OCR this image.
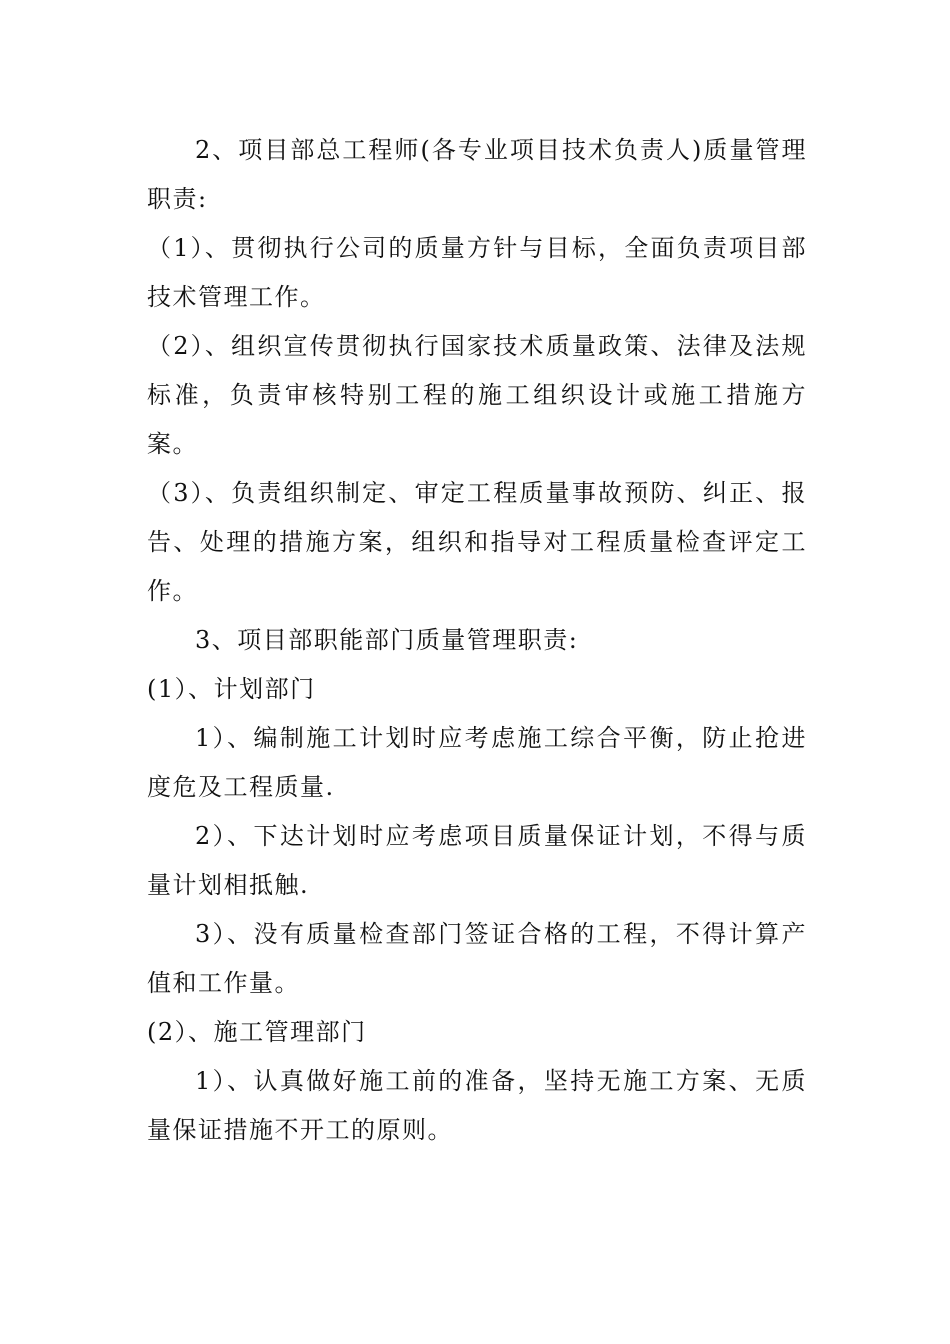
2、项目部总工程师(各专业项目技术负责人)质量管理职责:

（1）、贯彻执行公司的质量方针与目标，全面负责项目部技术管理工作。

（2）、组织宣传贯彻执行国家技术质量政策、法律及法规标准，负责审核特别工程的施工组织设计或施工措施方案。

（3）、负责组织制定、审定工程质量事故预防、纠正、报告、处理的措施方案，组织和指导对工程质量检查评定工作。

3、项目部职能部门质量管理职责:

(1）、计划部门

1）、编制施工计划时应考虑施工综合平衡，防止抢进度危及工程质量.

2）、下达计划时应考虑项目质量保证计划，不得与质量计划相抵触.

3）、没有质量检查部门签证合格的工程，不得计算产值和工作量。

(2）、施工管理部门

1）、认真做好施工前的准备，坚持无施工方案、无质量保证措施不开工的原则。
